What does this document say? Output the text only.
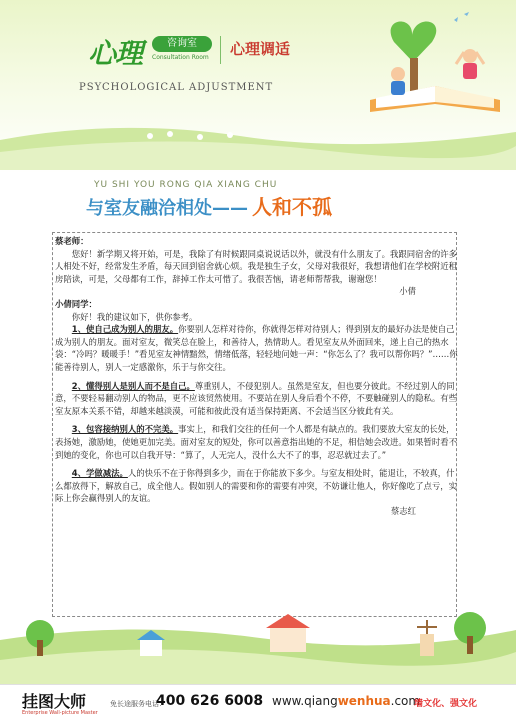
心理	咨询室
Consultation Room 心理调适
PSYCHOLOGICAL ADJUSTMENT
YU SHI YOU RONG QIA XIANG CHU
与室友融洽相处—— 人和不孤

蔡老师：

您好！新学期又将开始，可是，我除了有时候跟同桌说说话以外，就没有什么朋友了。我跟同宿舍的许多人相处不好，经常发生矛盾，每天回到宿舍就心烦。我是独生子女，父母对我很好，我想请他们在学校附近租房陪读，可是，父母都有工作，辞掉工作太可惜了。我很苦恼，请老师帮帮我，谢谢您！

小倩

小倩同学：

你好！我的建议如下，供你参考。

1、使自己成为别人的朋友。你要别人怎样对待你，你就得怎样对待别人；得到别友的最好办法是使自己成为别人的朋友。面对室友，微笑总在脸上，和善待人，热情助人。看见室友从外面回来，递上自己的热水袋：“冷吗？暖暖手！”看见室友神情黯然，情绪低落，轻轻地问她一声：“你怎么了？我可以帮你吗？”……你能善待别人，别人一定感激你，乐于与你交往。

2、懂得别人是别人而不是自己。尊重别人，不侵犯别人。虽然是室友，但也要分彼此。不经过别人的同意，不要轻易翻动别人的物品，更不应该贸然使用。不要站在别人身后看个不停，不要触碰别人的隐私。有些室友原本关系不错，却越来越淡漠，可能和彼此没有适当保持距离、不会适当区分彼此有关。

3、包容接纳别人的不完美。事实上，和我们交往的任何一个人都是有缺点的。我们要放大室友的长处，表扬她，激励她，使她更加完美。面对室友的短处，你可以善意指出她的不足，相信她会改进。如果暂时看不到她的变化，你也可以自我开导：“算了，人无完人，没什么大不了的事，忍忍就过去了。”

4、学做减法。人的快乐不在于你得到多少，而在于你能放下多少。与室友相处时，能退让，不较真，什么都放得下，解放自己，成全他人。假如别人的需要和你的需要有冲突，不妨谦让他人，你好像吃了点亏，实际上你会赢得别人的友谊。

蔡志红

挂图大师
Enterprise Wall-picture Master
免长途服务电话：
400 626 6008 www.qiangwenhua.com
墙文化、强文化
